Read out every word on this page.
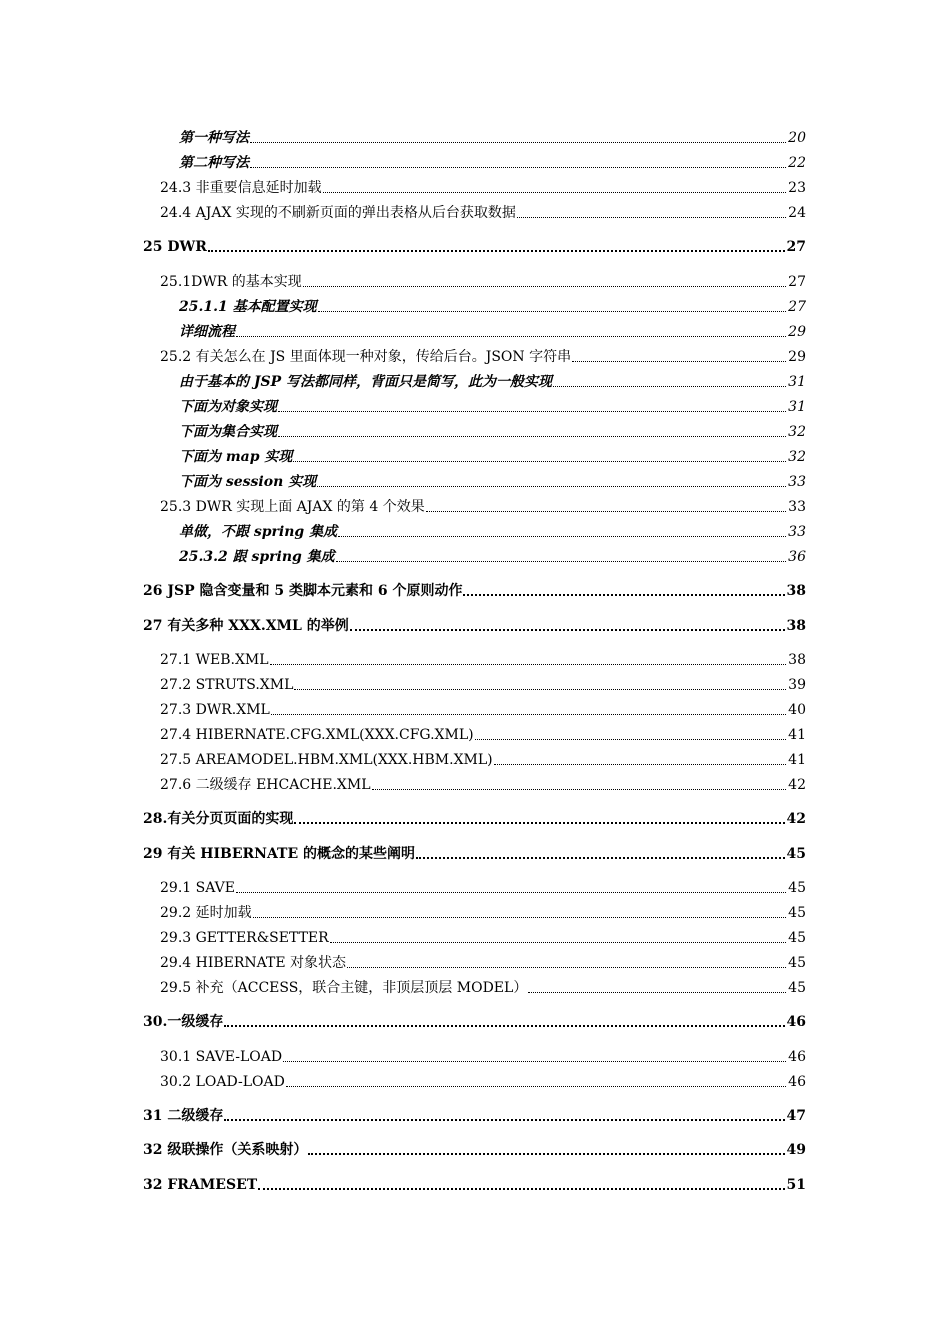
第一种写法	20
第二种写法	22
24.3 非重要信息延时加载	23
24.4 AJAX 实现的不刷新页面的弹出表格从后台获取数据	24
25 DWR	27
25.1DWR 的基本实现	27
25.1.1 基本配置实现	27
详细流程	29
25.2 有关怎么在 JS 里面体现一种对象，传给后台。JSON 字符串	29
由于基本的 JSP 写法都同样，背面只是简写，此为一般实现	31
下面为对象实现	31
下面为集合实现	32
下面为 map 实现	32
下面为 session 实现	33
25.3 DWR 实现上面 AJAX 的第 4 个效果	33
单做，不跟 spring 集成	33
25.3.2 跟 spring 集成	36
26 JSP 隐含变量和 5 类脚本元素和 6 个原则动作	38
27 有关多种 XXX.XML 的举例	38
27.1 WEB.XML	38
27.2 STRUTS.XML	39
27.3 DWR.XML	40
27.4 HIBERNATE.CFG.XML(XXX.CFG.XML)	41
27.5 AREAMODEL.HBM.XML(XXX.HBM.XML)	41
27.6 二级缓存 EHCACHE.XML	42
28.有关分页页面的实现	42
29 有关 HIBERNATE 的概念的某些阐明	45
29.1 SAVE	45
29.2 延时加载	45
29.3 GETTER&SETTER	45
29.4 HIBERNATE 对象状态	45
29.5 补充（ACCESS，联合主键，非顶层顶层 MODEL）	45
30.一级缓存	46
30.1 SAVE-LOAD	46
30.2 LOAD-LOAD	46
31 二级缓存	47
32 级联操作（关系映射）	49
32 FRAMESET	51
